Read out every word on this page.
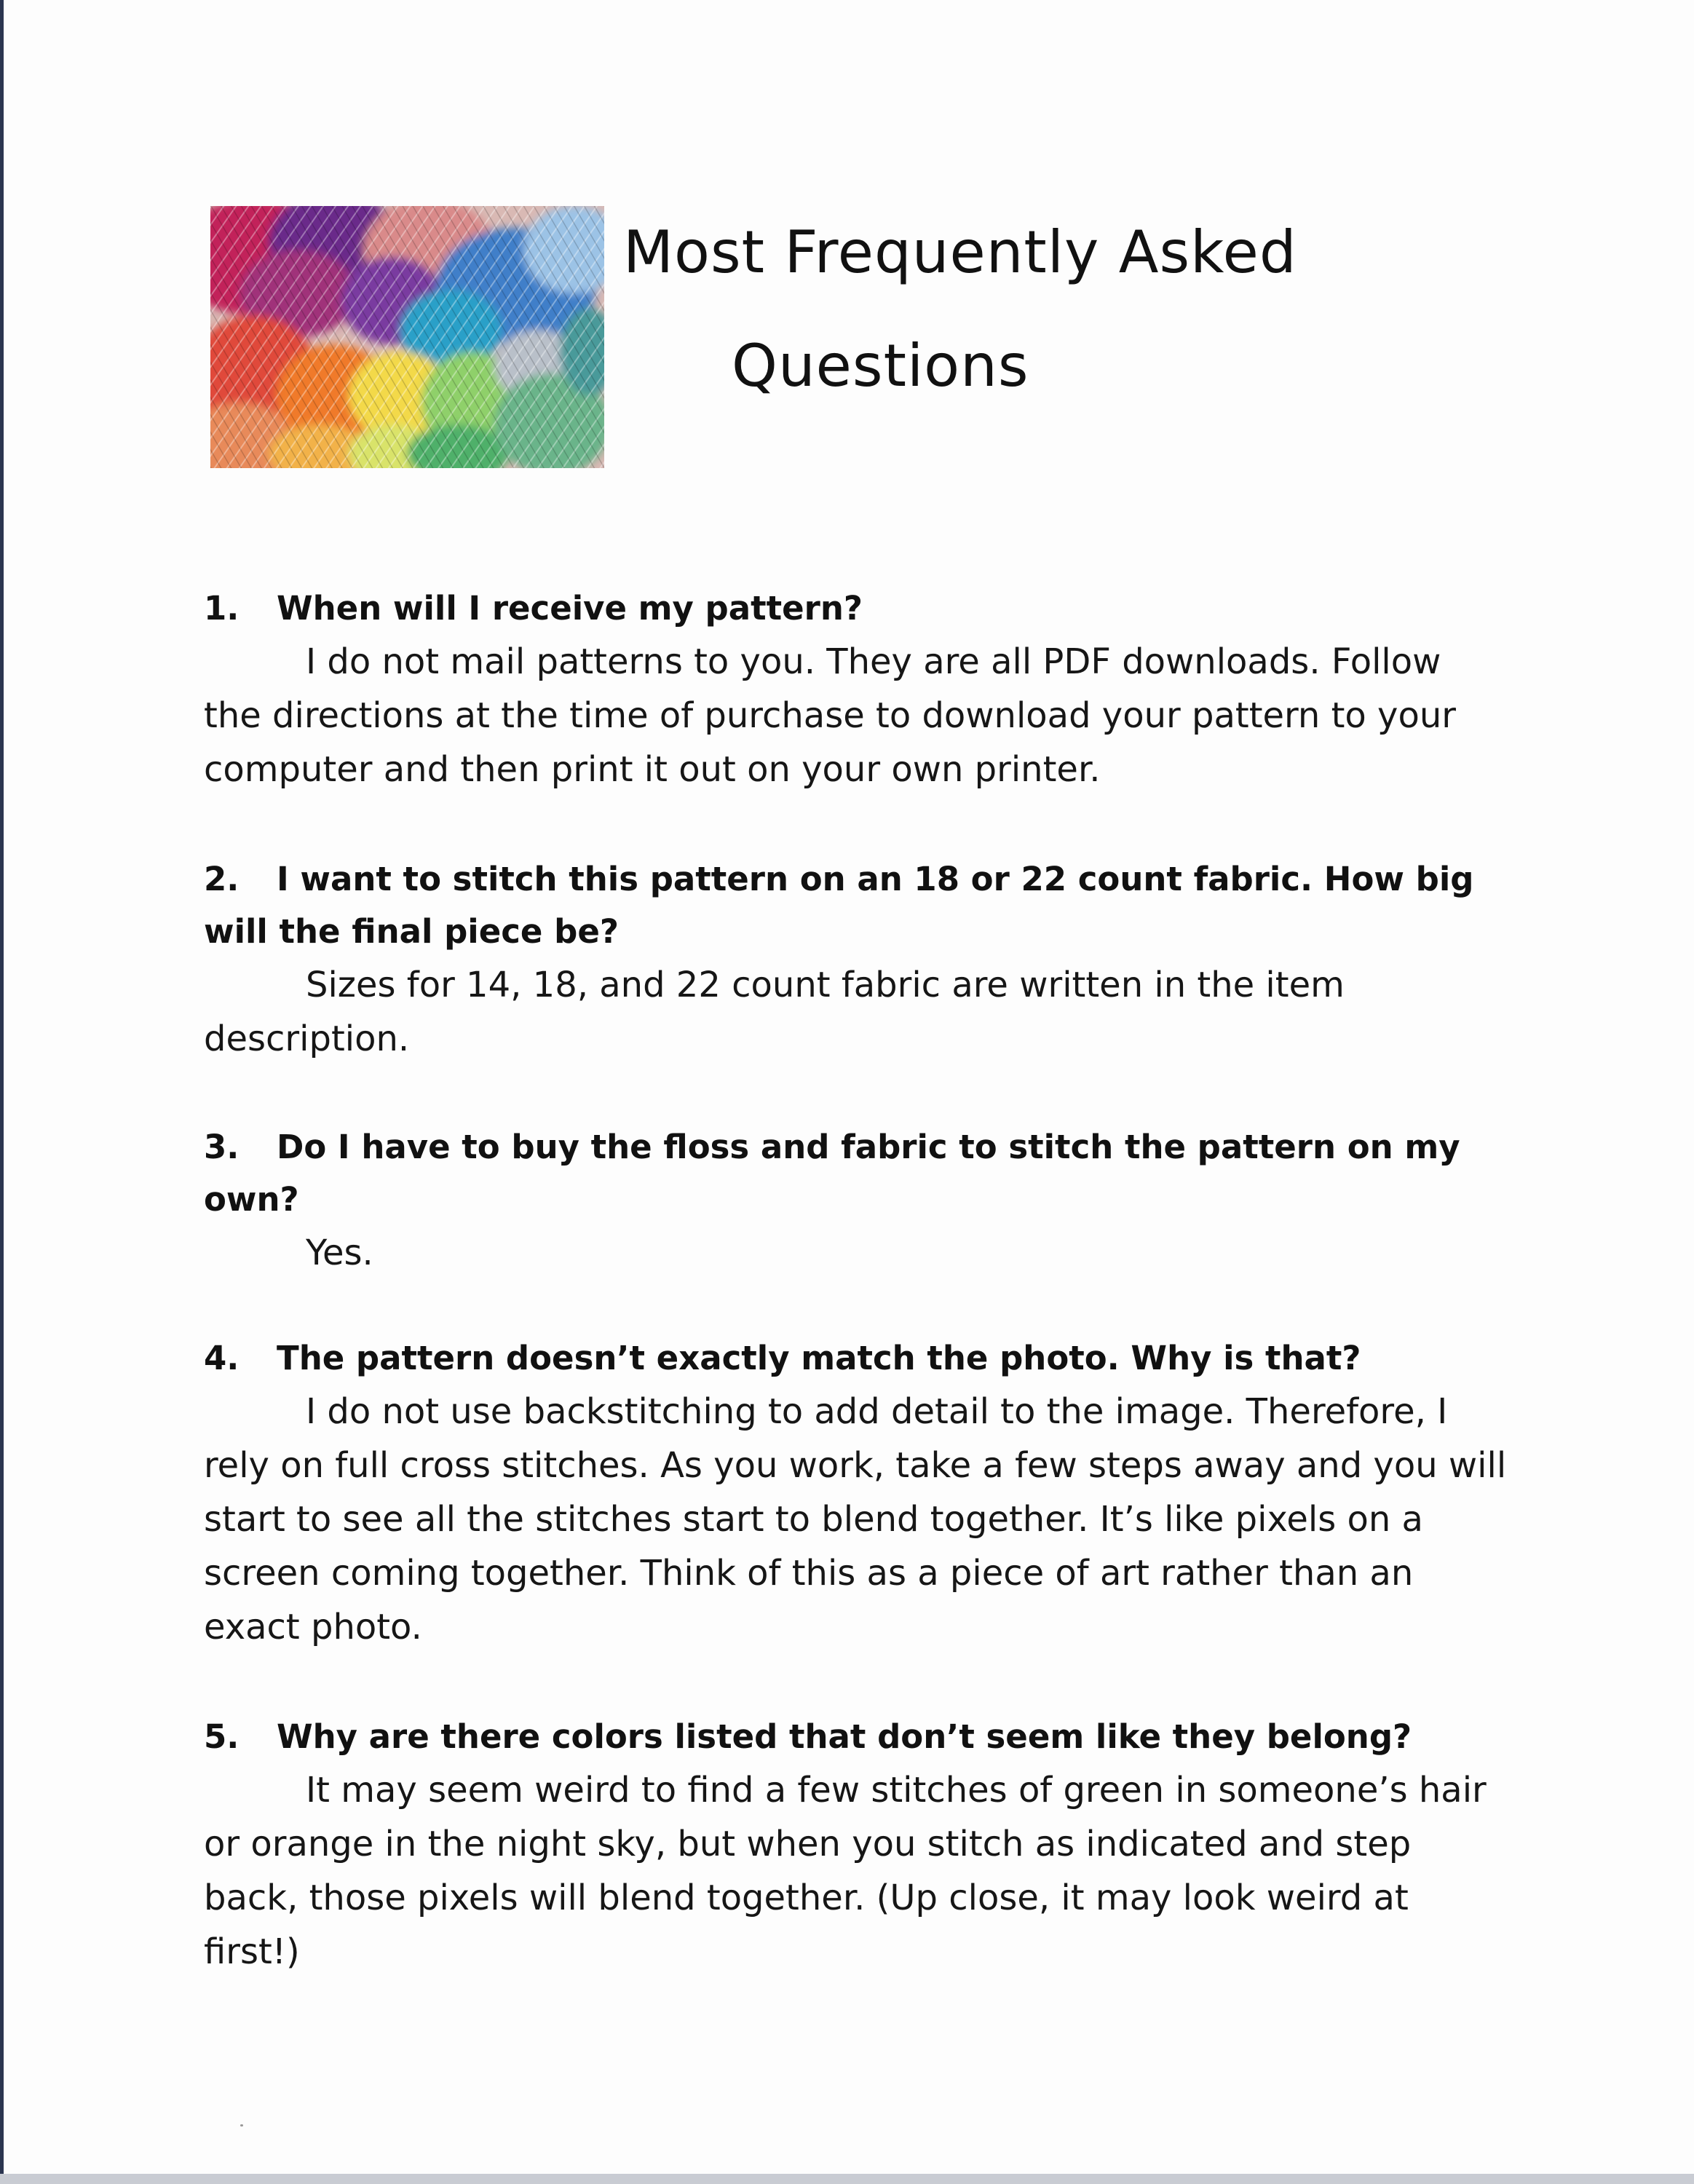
Most Frequently Asked
Questions
1. When will I receive my pattern?
I do not mail patterns to you. They are all PDF downloads. Follow the directions at the time of purchase to download your pattern to your computer and then print it out on your own printer.
2. I want to stitch this pattern on an 18 or 22 count fabric. How big will the final piece be?
Sizes for 14, 18, and 22 count fabric are written in the item description.
3. Do I have to buy the floss and fabric to stitch the pattern on my own?
Yes.
4. The pattern doesn’t exactly match the photo. Why is that?
I do not use backstitching to add detail to the image. Therefore, I rely on full cross stitches. As you work, take a few steps away and you will start to see all the stitches start to blend together. It’s like pixels on a screen coming together. Think of this as a piece of art rather than an exact photo.
5. Why are there colors listed that don’t seem like they belong?
It may seem weird to find a few stitches of green in someone’s hair or orange in the night sky, but when you stitch as indicated and step back, those pixels will blend together. (Up close, it may look weird at first!)
